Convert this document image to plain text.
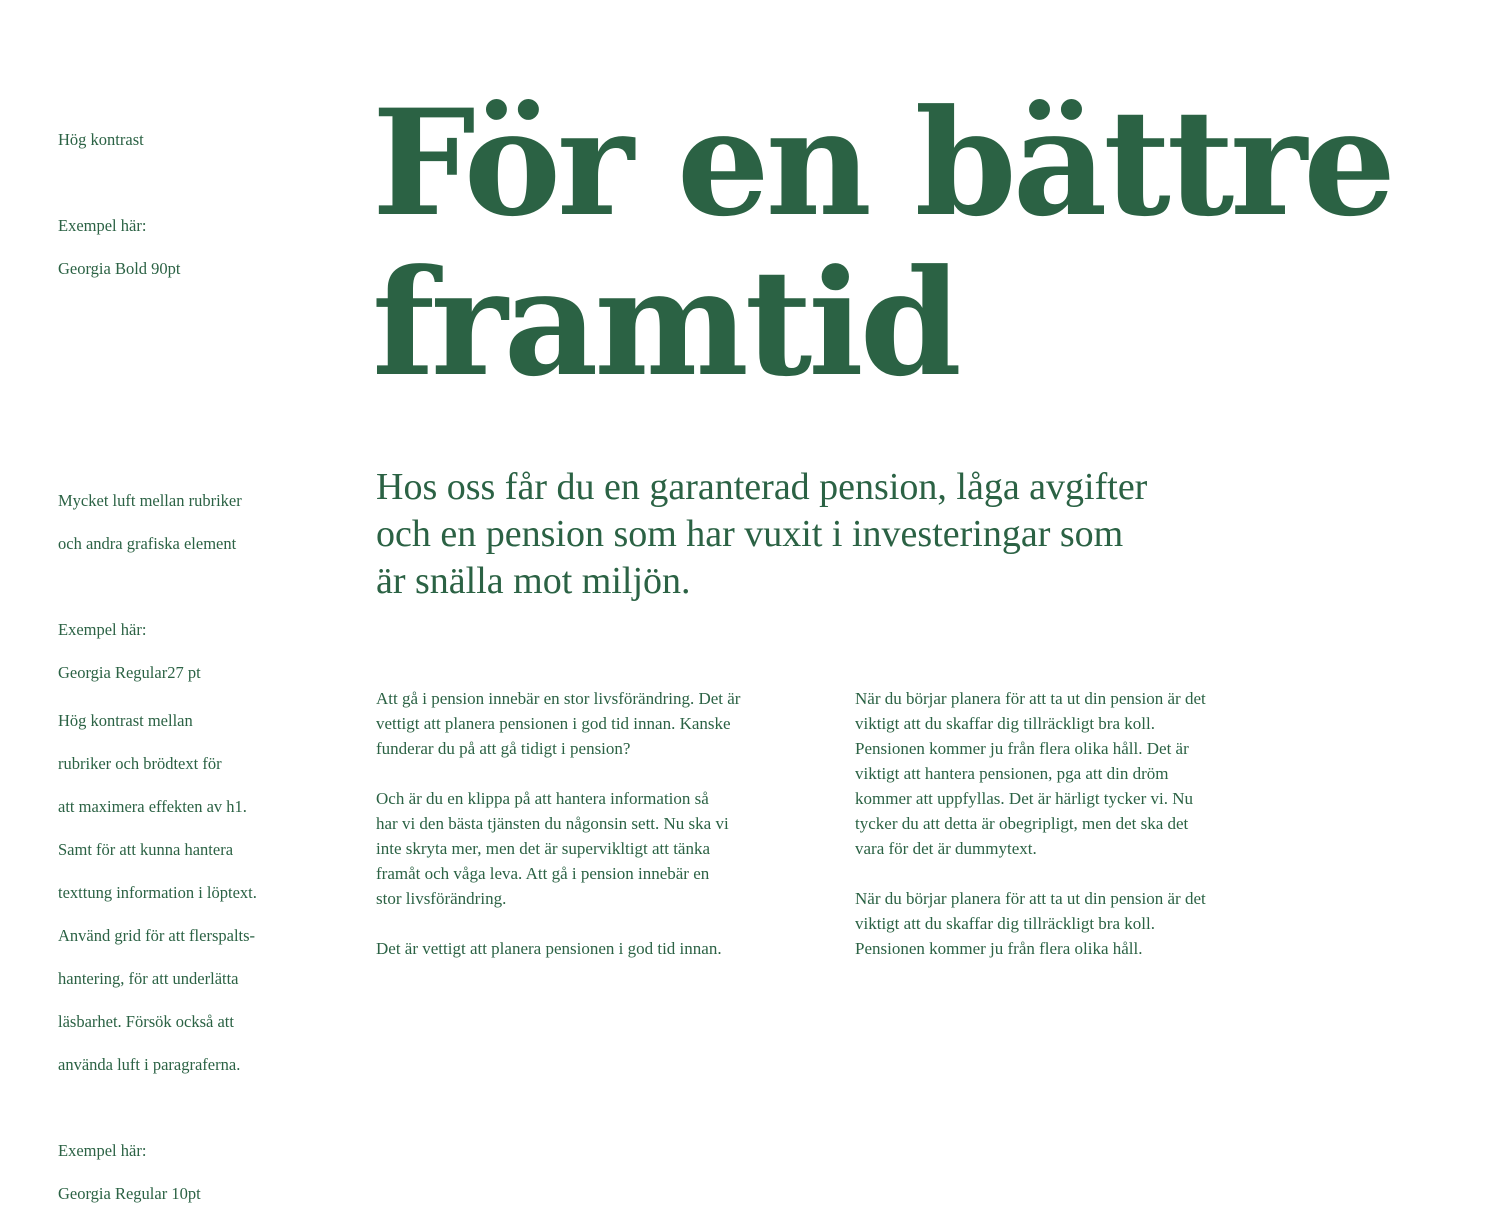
Hög kontrast

Exempel här:

Georgia Bold 90pt

För en bättre
framtid

Mycket luft mellan rubriker

och andra grafiska element

Exempel här:

Georgia Regular27 pt

Hos oss får du en garanterad pension, låga avgifter
och en pension som har vuxit i investeringar som
är snälla mot miljön.

Hög kontrast mellan

rubriker och brödtext för

att maximera effekten av h1.

Samt för att kunna hantera

texttung information i löptext.

Använd grid för att flerspalts-

hantering, för att underlätta

läsbarhet. Försök också att

använda luft i paragraferna.

Exempel här:

Georgia Regular 10pt

Att gå i pension innebär en stor livsförändring. Det är
vettigt att planera pensionen i god tid innan. Kanske
funderar du på att gå tidigt i pension?

Och är du en klippa på att hantera information så
har vi den bästa tjänsten du någonsin sett. Nu ska vi
inte skryta mer, men det är supervikltigt att tänka
framåt och våga leva. Att gå i pension innebär en
stor livsförändring.

Det är vettigt att planera pensionen i god tid innan.

När du börjar planera för att ta ut din pension är det
viktigt att du skaffar dig tillräckligt bra koll.
Pensionen kommer ju från flera olika håll. Det är
viktigt att hantera pensionen, pga att din dröm
kommer att uppfyllas. Det är härligt tycker vi. Nu
tycker du att detta är obegripligt, men det ska det
vara för det är dummytext.

När du börjar planera för att ta ut din pension är det
viktigt att du skaffar dig tillräckligt bra koll.
Pensionen kommer ju från flera olika håll.
